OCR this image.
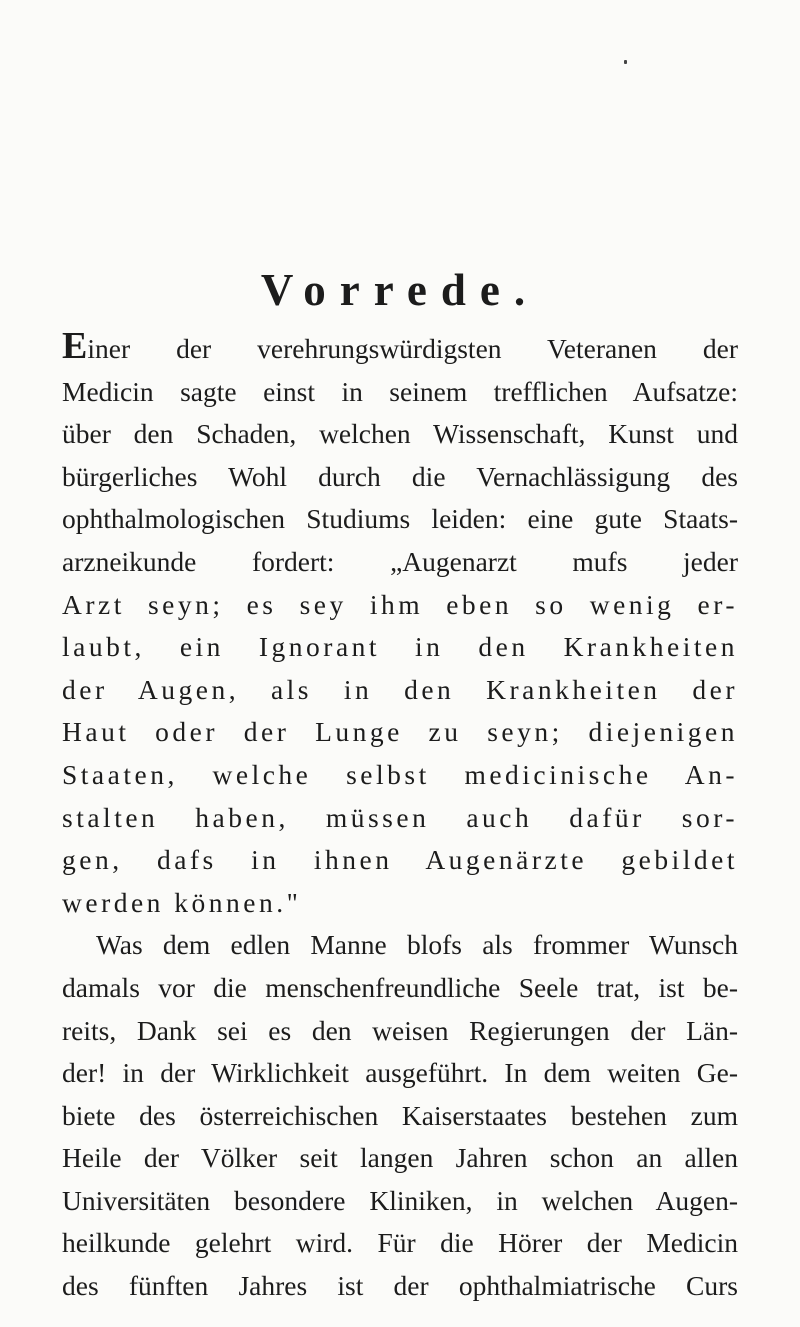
Vorrede.
Einer der verehrungswürdigsten Veteranen der
Medicin sagte einst in seinem trefflichen Aufsatze:
über den Schaden, welchen Wissenschaft, Kunst und
bürgerliches Wohl durch die Vernachlässigung des
ophthalmologischen Studiums leiden: eine gute Staats-
arzneikunde fordert: „Augenarzt mufs jeder
Arzt seyn; es sey ihm eben so wenig er-
laubt, ein Ignorant in den Krankheiten
der Augen, als in den Krankheiten der
Haut oder der Lunge zu seyn; diejenigen
Staaten, welche selbst medicinische An-
stalten haben, müssen auch dafür sor-
gen, dafs in ihnen Augenärzte gebildet
werden können."
Was dem edlen Manne blofs als frommer Wunsch
damals vor die menschenfreundliche Seele trat, ist be-
reits, Dank sei es den weisen Regierungen der Län-
der! in der Wirklichkeit ausgeführt. In dem weiten Ge-
biete des österreichischen Kaiserstaates bestehen zum
Heile der Völker seit langen Jahren schon an allen
Universitäten besondere Kliniken, in welchen Augen-
heilkunde gelehrt wird. Für die Hörer der Medicin
des fünften Jahres ist der ophthalmiatrische Curs
